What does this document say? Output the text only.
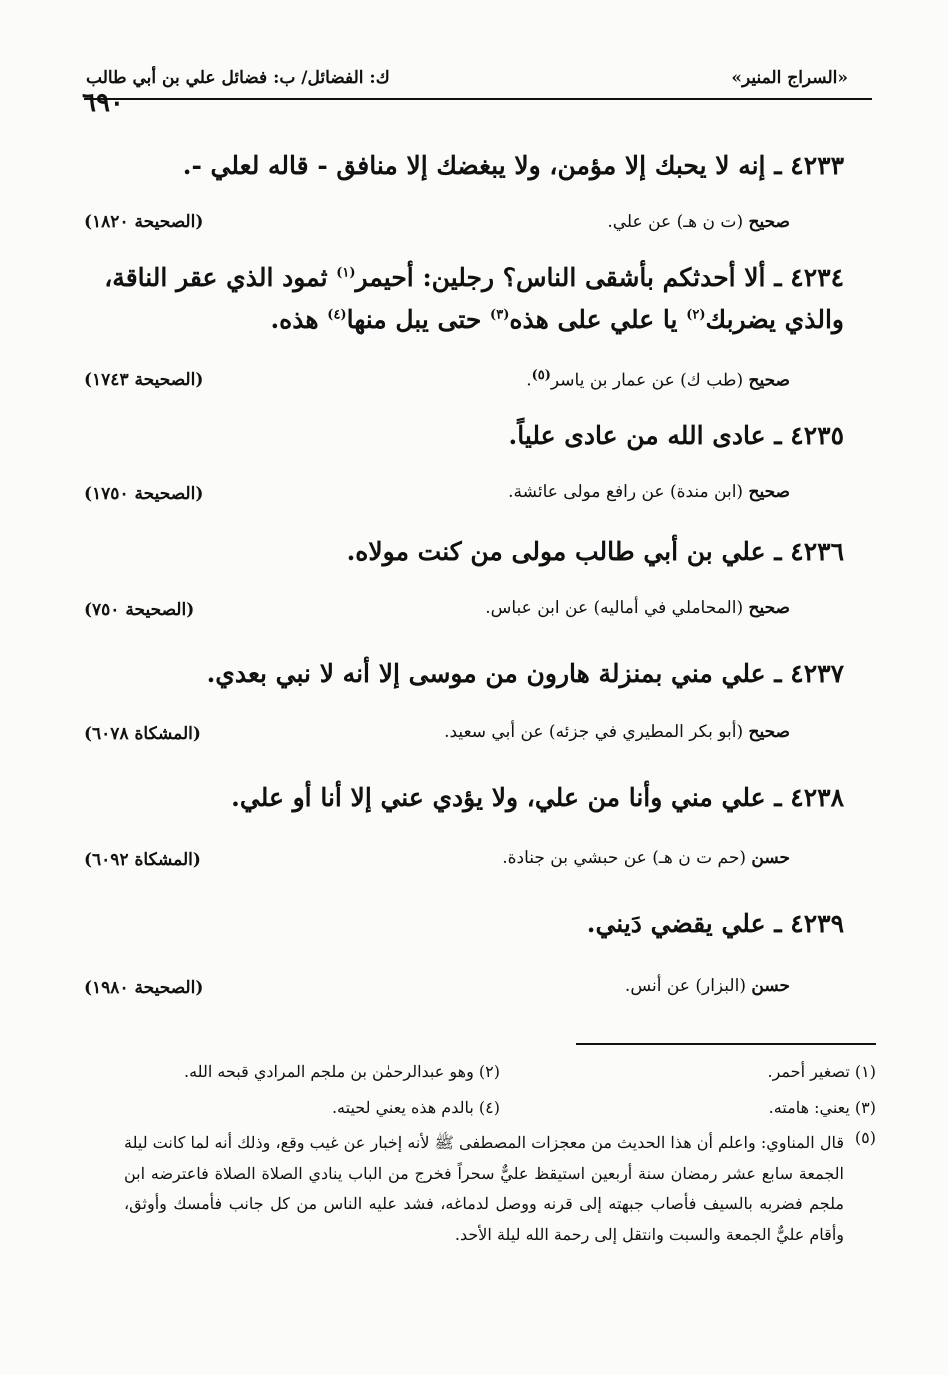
٦٩٠
«السراج المنير»
ك: الفضائل/ ب: فضائل علي بن أبي طالب
٤٢٣٣ ـ إنه لا يحبك إلا مؤمن، ولا يبغضك إلا منافق - قاله لعلي -.
صحيح (ت ن هـ) عن علي.
(الصحيحة ١٨٢٠)
٤٢٣٤ ـ ألا أحدثكم بأشقى الناس؟ رجلين: أحيمر$^{(١)}$ ثمود الذي عقر الناقة،
والذي يضربك$^{(٢)}$ يا علي على هذه$^{(٣)}$ حتى يبل منها$^{(٤)}$ هذه.
صحيح (طب ك) عن عمار بن ياسر$^{(٥)}$.
(الصحيحة ١٧٤٣)
٤٢٣٥ ـ عادى الله من عادى علياً.
صحيح (ابن مندة) عن رافع مولى عائشة.
(الصحيحة ١٧٥٠)
٤٢٣٦ ـ علي بن أبي طالب مولى من كنت مولاه.
صحيح (المحاملي في أماليه) عن ابن عباس.
(الصحيحة ٧٥٠)
٤٢٣٧ ـ علي مني بمنزلة هارون من موسى إلا أنه لا نبي بعدي.
صحيح (أبو بكر المطيري في جزئه) عن أبي سعيد.
(المشكاة ٦٠٧٨)
٤٢٣٨ ـ علي مني وأنا من علي، ولا يؤدي عني إلا أنا أو علي.
حسن (حم ت ن هـ) عن حبشي بن جنادة.
(المشكاة ٦٠٩٢)
٤٢٣٩ ـ علي يقضي دَيني.
حسن (البزار) عن أنس.
(الصحيحة ١٩٨٠)
(١) تصغير أحمر.
(٢) وهو عبدالرحمٰن بن ملجم المرادي قبحه الله.
(٣) يعني: هامته.
(٤) بالدم هذه يعني لحيته.
(٥)
قال المناوي: واعلم أن هذا الحديث من معجزات المصطفى ﷺ لأنه إخبار عن غيب وقع، وذلك أنه لما كانت ليلة الجمعة سابع عشر رمضان سنة أربعين استيقظ عليٌّ سحراً فخرج من الباب ينادي الصلاة الصلاة فاعترضه ابن ملجم فضربه بالسيف فأصاب جبهته إلى قرنه ووصل لدماغه، فشد عليه الناس من كل جانب فأمسك وأوثق، وأقام عليٌّ الجمعة والسبت وانتقل إلى رحمة الله ليلة الأحد.
